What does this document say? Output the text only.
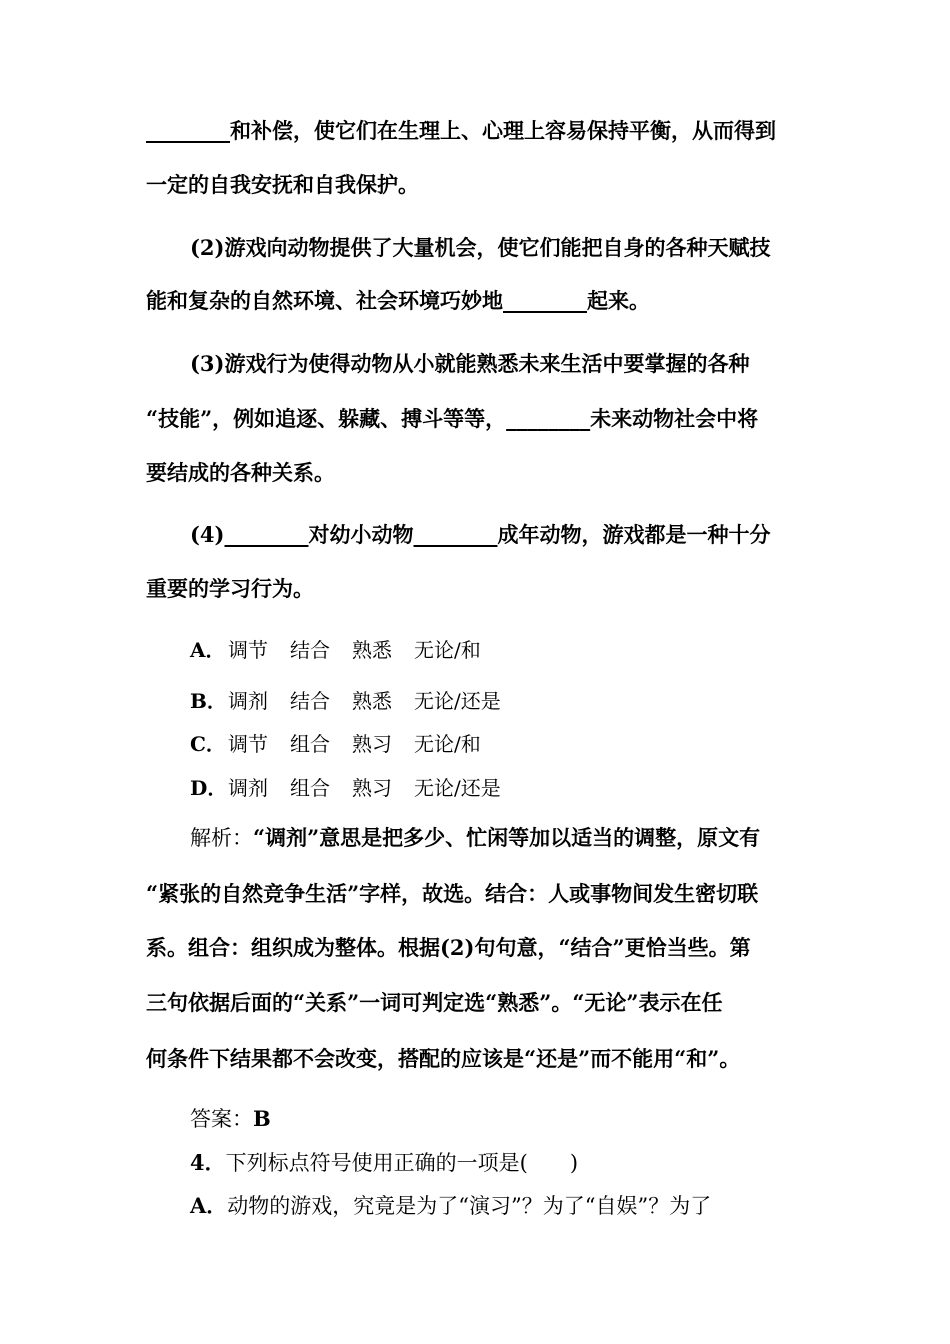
________和补偿，使它们在生理上、心理上容易保持平衡，从而得到
一定的自我安抚和自我保护。
(2)游戏向动物提供了大量机会，使它们能把自身的各种天赋技
能和复杂的自然环境、社会环境巧妙地________起来。
(3)游戏行为使得动物从小就能熟悉未来生活中要掌握的各种
“技能”，例如追逐、躲藏、搏斗等等，________未来动物社会中将
要结成的各种关系。
(4)________对幼小动物________成年动物，游戏都是一种十分
重要的学习行为。
A． 调节 结合 熟悉 无论/和
B．调剂 结合 熟悉 无论/还是
C． 调节 组合 熟习 无论/和
D．调剂 组合 熟习 无论/还是
解析：“调剂”意思是把多少、忙闲等加以适当的调整，原文有
“紧张的自然竞争生活”字样，故选。结合：人或事物间发生密切联
系。组合：组织成为整体。根据(2)句句意，“结合”更恰当些。第
三句依据后面的“关系”一词可判定选“熟悉”。“无论”表示在任
何条件下结果都不会改变，搭配的应该是“还是”而不能用“和”。
答案：B
4．下列标点符号使用正确的一项是(　　)
A．动物的游戏，究竟是为了“演习”？为了“自娱”？为了
